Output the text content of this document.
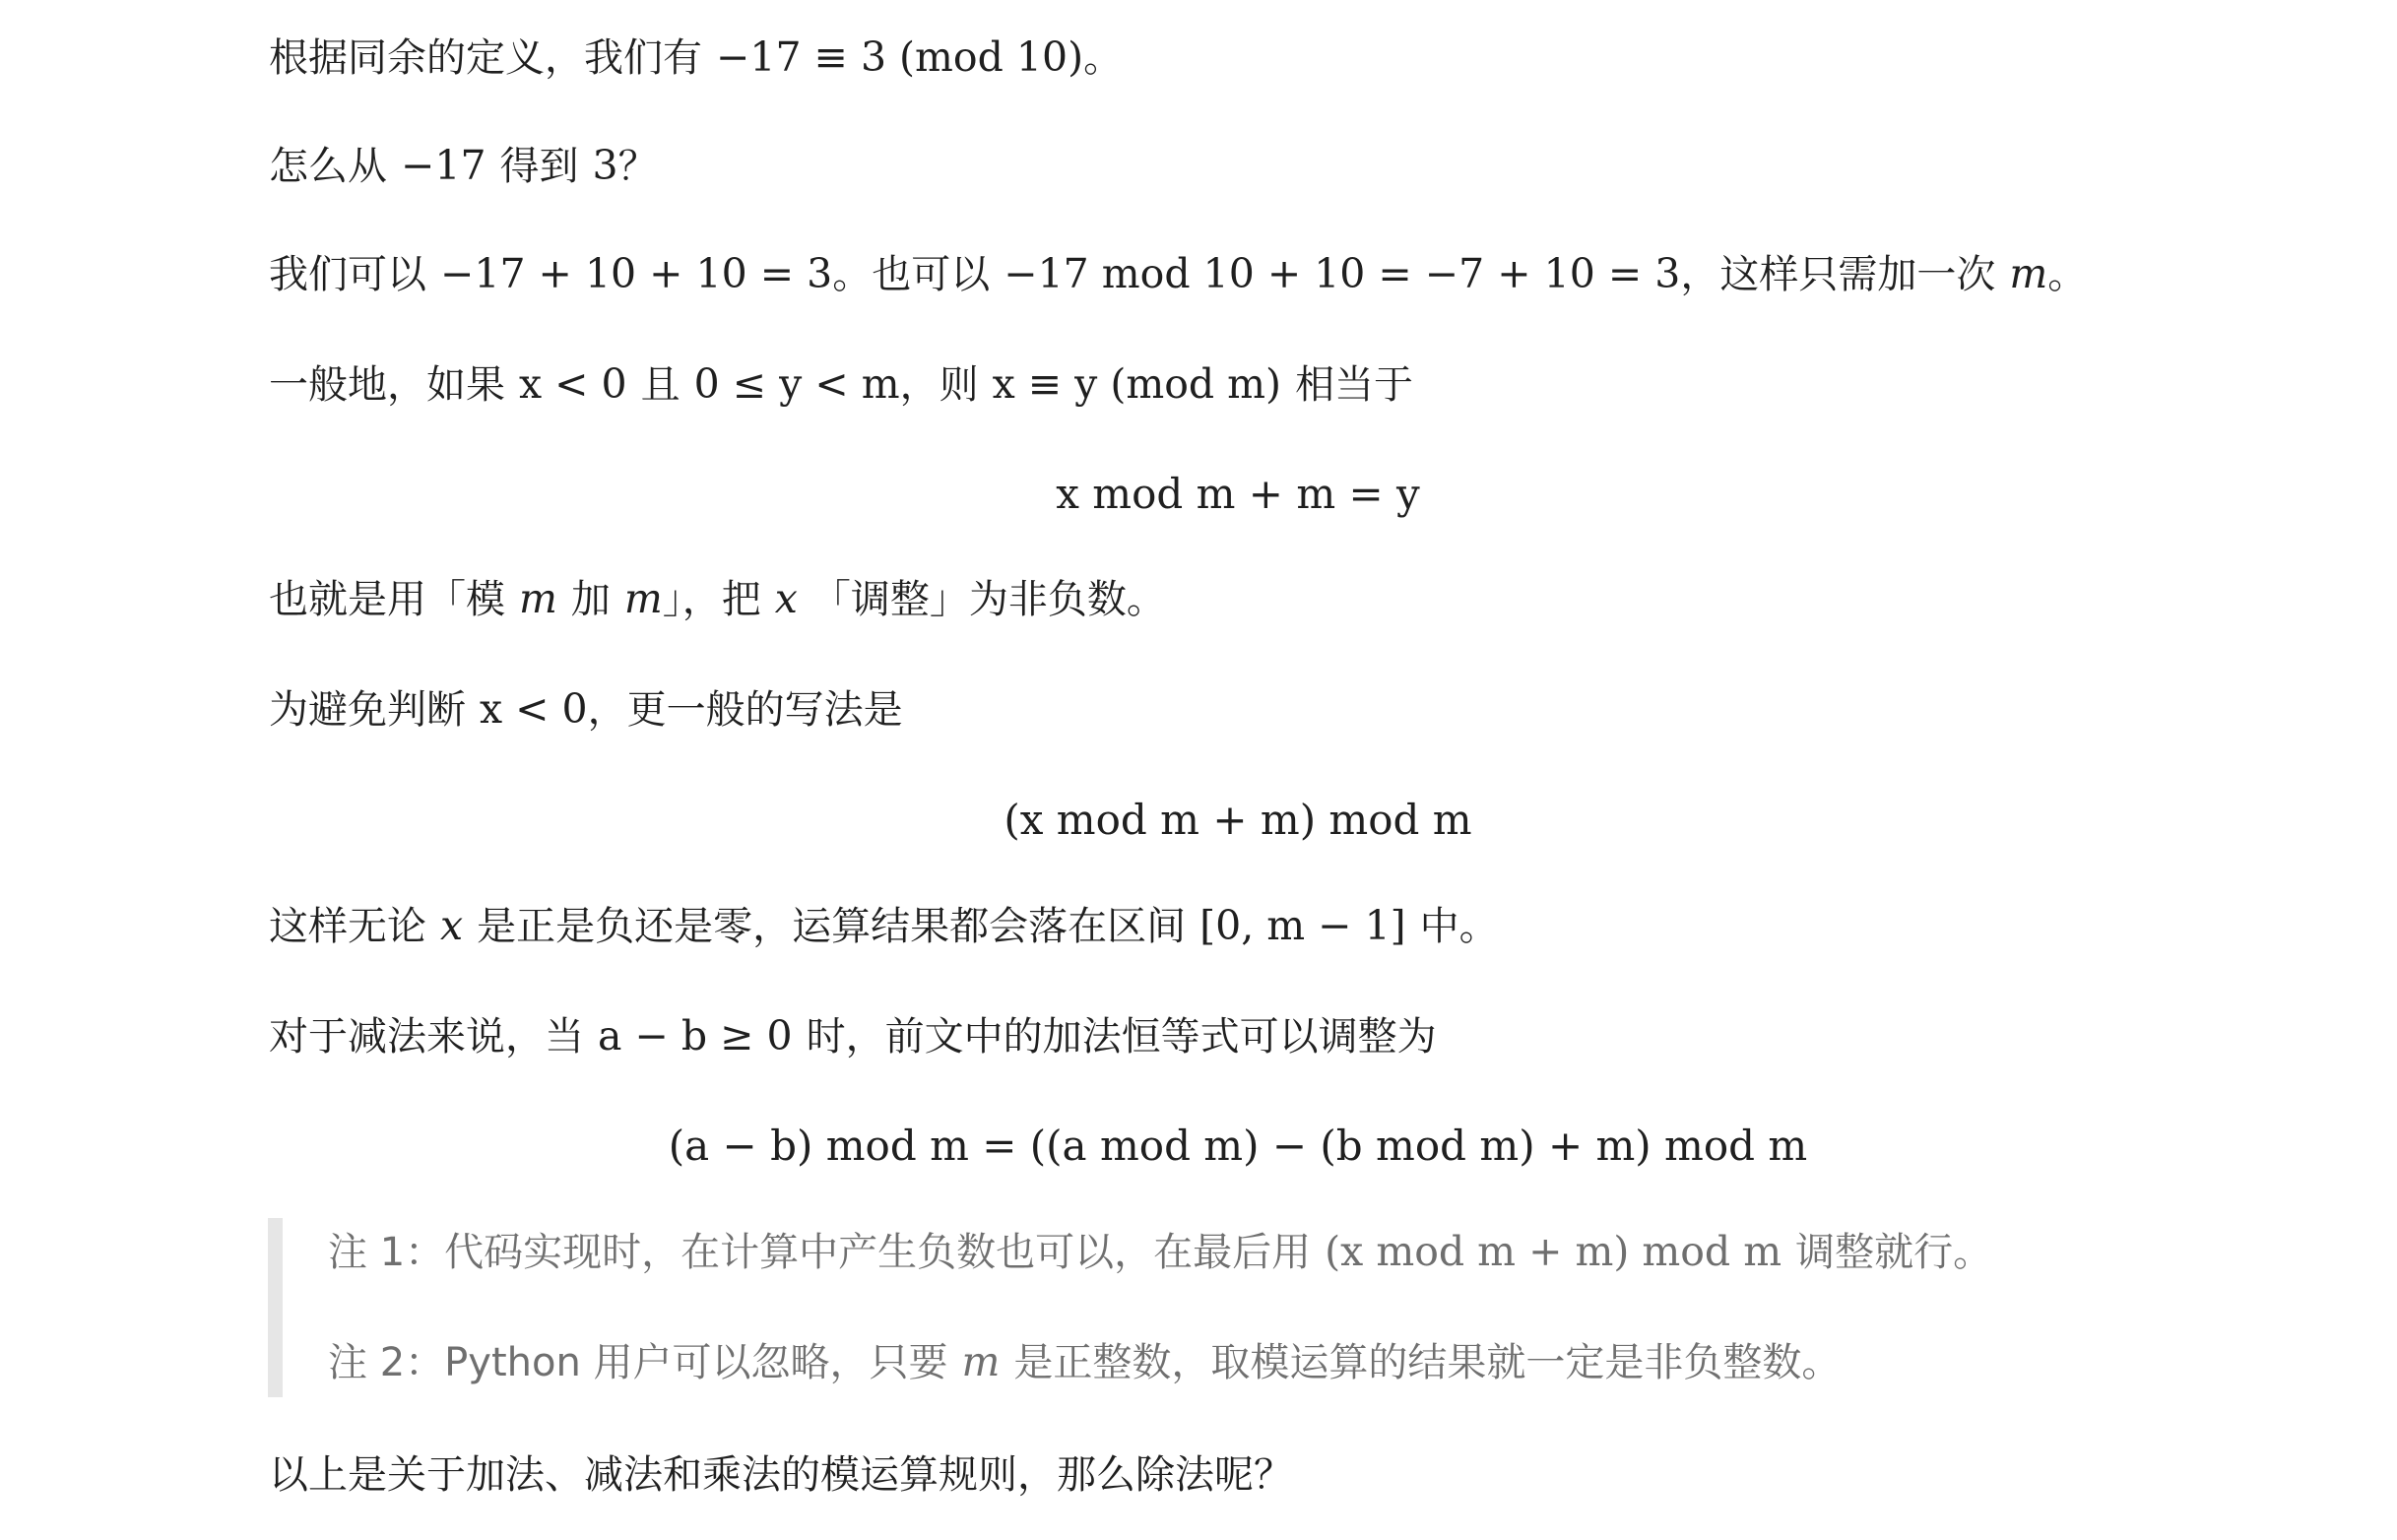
根据同余的定义，我们有 −17 ≡ 3 (mod 10)。
怎么从 −17 得到 3？
我们可以 −17 + 10 + 10 = 3。也可以 −17 mod 10 + 10 = −7 + 10 = 3，这样只需加一次 m。
一般地，如果 x < 0 且 0 ≤ y < m，则 x ≡ y (mod m) 相当于
x mod m + m = y
也就是用「模 m 加 m」，把 x 「调整」为非负数。
为避免判断 x < 0，更一般的写法是
(x mod m + m) mod m
这样无论 x 是正是负还是零，运算结果都会落在区间 [0, m − 1] 中。
对于减法来说，当 a − b ≥ 0 时，前文中的加法恒等式可以调整为
(a − b) mod m = ((a mod m) − (b mod m) + m) mod m
注 1：代码实现时，在计算中产生负数也可以，在最后用 (x mod m + m) mod m 调整就行。
注 2：Python 用户可以忽略，只要 m 是正整数，取模运算的结果就一定是非负整数。
以上是关于加法、减法和乘法的模运算规则，那么除法呢？
